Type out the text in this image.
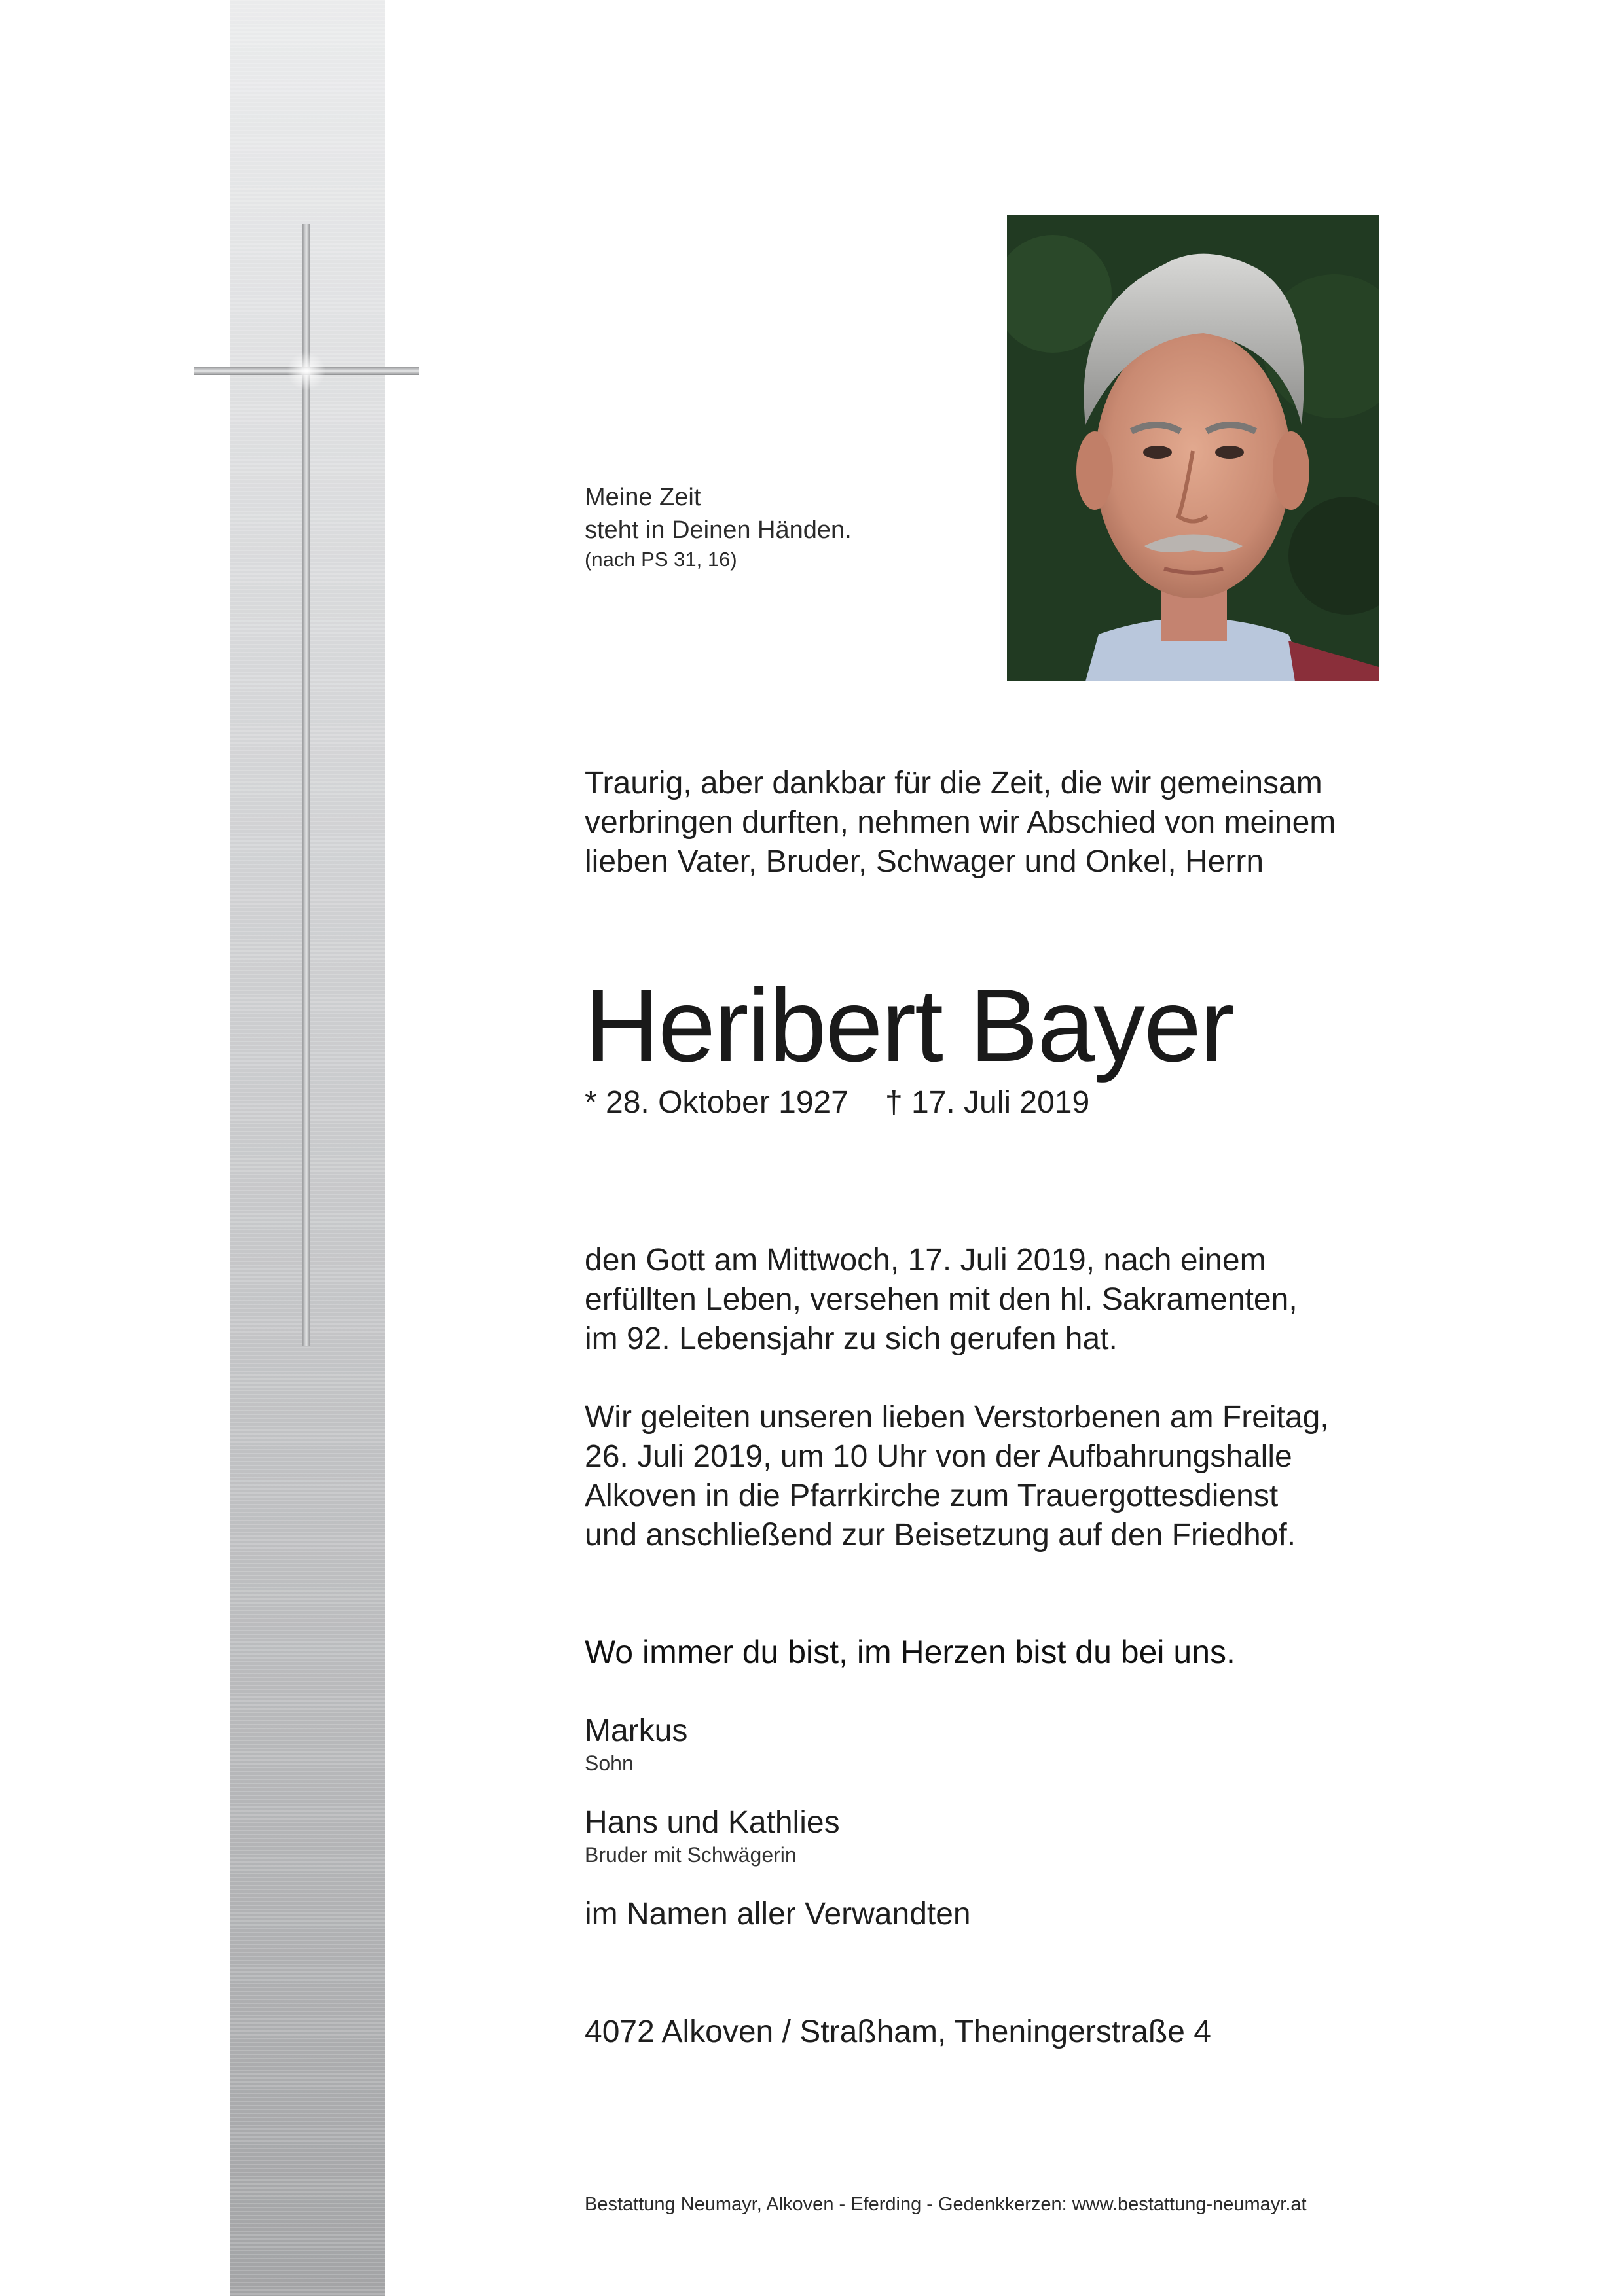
Meine Zeit
steht in Deinen Händen.
(nach PS 31, 16)
Traurig, aber dankbar für die Zeit, die wir gemeinsam
verbringen durften, nehmen wir Abschied von meinem
lieben Vater, Bruder, Schwager und Onkel, Herrn
Heribert Bayer
* 28. Oktober 1927 † 17. Juli 2019
den Gott am Mittwoch, 17. Juli 2019, nach einem
erfüllten Leben, versehen mit den hl. Sakramenten,
im 92. Lebensjahr zu sich gerufen hat.
Wir geleiten unseren lieben Verstorbenen am Freitag,
26. Juli 2019, um 10 Uhr von der Aufbahrungshalle
Alkoven in die Pfarrkirche zum Trauergottesdienst
und anschließend zur Beisetzung auf den Friedhof.
Wo immer du bist, im Herzen bist du bei uns.
Markus
Sohn
Hans und Kathlies
Bruder mit Schwägerin
im Namen aller Verwandten
4072 Alkoven / Straßham, Theningerstraße 4
Bestattung Neumayr, Alkoven - Eferding - Gedenkkerzen: www.bestattung-neumayr.at
